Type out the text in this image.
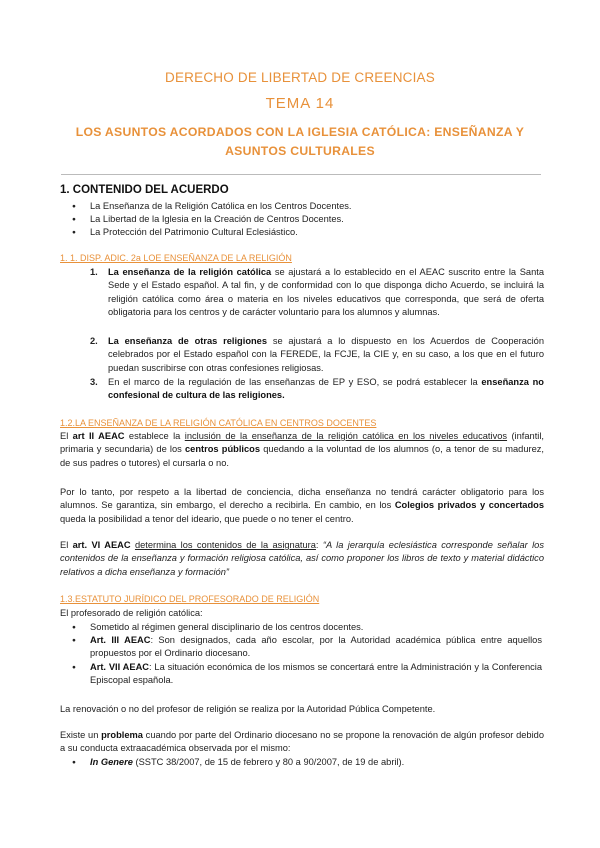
DERECHO DE LIBERTAD DE CREENCIAS
TEMA 14
LOS ASUNTOS ACORDADOS CON LA IGLESIA CATÓLICA: ENSEÑANZA Y ASUNTOS CULTURALES
1. CONTENIDO DEL ACUERDO
● La Enseñanza de la Religión Católica en los Centros Docentes.
● La Libertad de la Iglesia en la Creación de Centros Docentes.
● La Protección del Patrimonio Cultural Eclesiástico.
1. 1. DISP. ADIC. 2a LOE ENSEÑANZA DE LA RELIGIÓN
1. La enseñanza de la religión católica se ajustará a lo establecido en el AEAC suscrito entre la Santa Sede y el Estado español. A tal fin, y de conformidad con lo que disponga dicho Acuerdo, se incluirá la religión católica como área o materia en los niveles educativos que corresponda, que será de oferta obligatoria para los centros y de carácter voluntario para los alumnos y alumnas.
2. La enseñanza de otras religiones se ajustará a lo dispuesto en los Acuerdos de Cooperación celebrados por el Estado español con la FEREDE, la FCJE, la CIE y, en su caso, a los que en el futuro puedan suscribirse con otras confesiones religiosas.
3. En el marco de la regulación de las enseñanzas de EP y ESO, se podrá establecer la enseñanza no confesional de cultura de las religiones.
1.2.LA ENSEÑANZA DE LA RELIGIÓN CATÓLICA EN CENTROS DOCENTES
El art II AEAC establece la inclusión de la enseñanza de la religión católica en los niveles educativos (infantil, primaria y secundaria) de los centros públicos quedando a la voluntad de los alumnos (o, a tenor de su madurez, de sus padres o tutores) el cursarla o no.
Por lo tanto, por respeto a la libertad de conciencia, dicha enseñanza no tendrá carácter obligatorio para los alumnos. Se garantiza, sin embargo, el derecho a recibirla. En cambio, en los Colegios privados y concertados queda la posibilidad a tenor del ideario, que puede o no tener el centro.
El art. VI AEAC determina los contenidos de la asignatura: “A la jerarquía eclesiástica corresponde señalar los contenidos de la enseñanza y formación religiosa católica, así como proponer los libros de texto y material didáctico relativos a dicha enseñanza y formación”
1.3.ESTATUTO JURÍDICO DEL PROFESORADO DE RELIGIÓN
El profesorado de religión católica:
● Sometido al régimen general disciplinario de los centros docentes.
● Art. III AEAC: Son designados, cada año escolar, por la Autoridad académica pública entre aquellos propuestos por el Ordinario diocesano.
● Art. VII AEAC: La situación económica de los mismos se concertará entre la Administración y la Conferencia Episcopal española.
La renovación o no del profesor de religión se realiza por la Autoridad Pública Competente.
Existe un problema cuando por parte del Ordinario diocesano no se propone la renovación de algún profesor debido a su conducta extraacadémica observada por el mismo:
● In Genere (SSTC 38/2007, de 15 de febrero y 80 a 90/2007, de 19 de abril).
